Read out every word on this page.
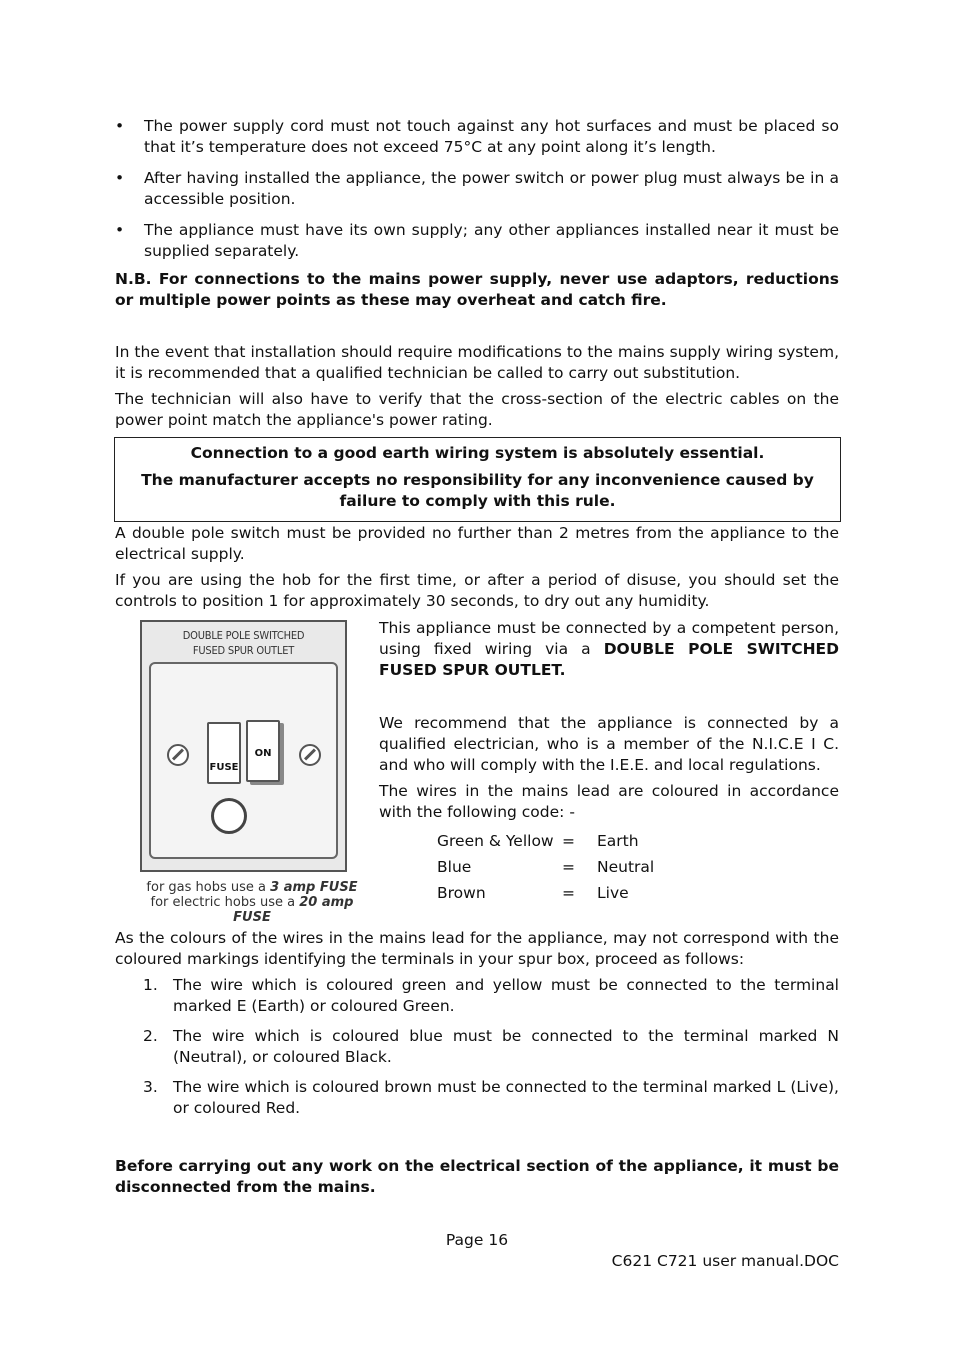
• The power supply cord must not touch against any hot surfaces and must be placed so that it’s temperature does not exceed 75°C at any point along it’s length.
• After having installed the appliance, the power switch or power plug must always be in a accessible position.
• The appliance must have its own supply; any other appliances installed near it must be supplied separately.

N.B. For connections to the mains power supply, never use adaptors, reductions or multiple power points as these may overheat and catch fire.

In the event that installation should require modifications to the mains supply wiring system, it is recommended that a qualified technician be called to carry out substitution.

The technician will also have to verify that the cross-section of the electric cables on the power point match the appliance's power rating.

Connection to a good earth wiring system is absolutely essential.

The manufacturer accepts no responsibility for any inconvenience caused by failure to comply with this rule.

A double pole switch must be provided no further than 2 metres from the appliance to the electrical supply.

If you are using the hob for the first time, or after a period of disuse, you should set the controls to position 1 for approximately 30 seconds, to dry out any humidity.

DOUBLE POLE SWITCHED
FUSED SPUR OUTLET
FUSE
ON
for gas hobs use a 3 amp FUSE
for electric hobs use a 20 amp FUSE

This appliance must be connected by a competent person, using fixed wiring via a DOUBLE POLE SWITCHED FUSED SPUR OUTLET.

We recommend that the appliance is connected by a qualified electrician, who is a member of the N.I.C.E I C. and who will comply with the I.E.E. and local regulations.

The wires in the mains lead are coloured in accordance with the following code: -

Green & Yellow =	Earth
Blue	=	Neutral
Brown	=	Live

As the colours of the wires in the mains lead for the appliance, may not correspond with the coloured markings identifying the terminals in your spur box, proceed as follows:

1. The wire which is coloured green and yellow must be connected to the terminal marked E (Earth) or coloured Green.
2. The wire which is coloured blue must be connected to the terminal marked N (Neutral), or coloured Black.
3. The wire which is coloured brown must be connected to the terminal marked L (Live), or coloured Red.

Before carrying out any work on the electrical section of the appliance, it must be disconnected from the mains.

Page 16
C621 C721 user manual.DOC
